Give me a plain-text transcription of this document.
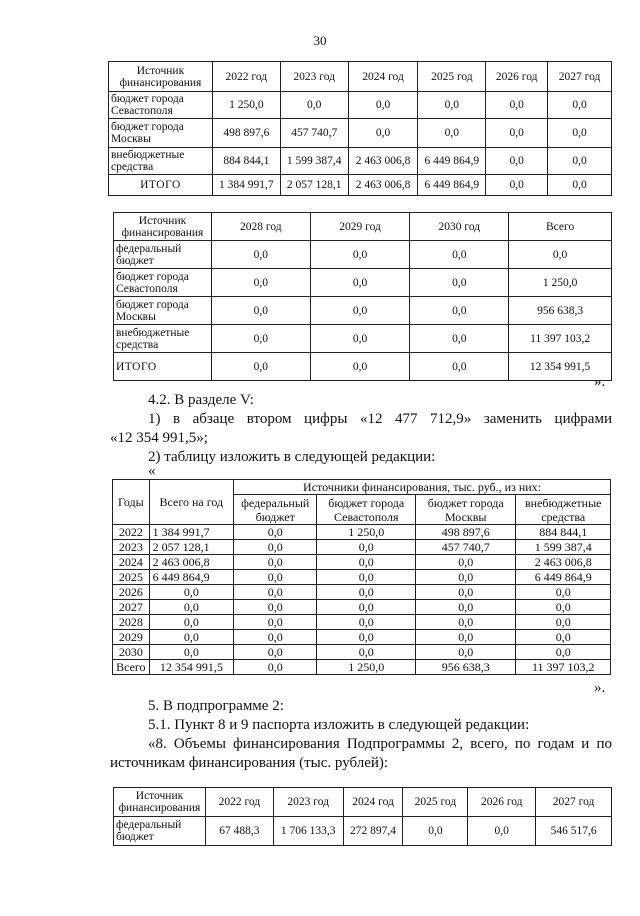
30
Источник финансирования	2022 год	2023 год	2024 год	2025 год	2026 год	2027 год
бюджет города Севастополя	1 250,0	0,0	0,0	0,0	0,0	0,0
бюджет города Москвы	498 897,6	457 740,7	0,0	0,0	0,0	0,0
внебюджетные средства	884 844,1	1 599 387,4	2 463 006,8	6 449 864,9	0,0	0,0
ИТОГО	1 384 991,7	2 057 128,1	2 463 006,8	6 449 864,9	0,0	0,0
Источник финансирования	2028 год	2029 год	2030 год	Всего
федеральный бюджет	0,0	0,0	0,0	0,0
бюджет города Севастополя	0,0	0,0	0,0	1 250,0
бюджет города Москвы	0,0	0,0	0,0	956 638,3
внебюджетные средства	0,0	0,0	0,0	11 397 103,2
ИТОГО	0,0	0,0	0,0	12 354 991,5
».
4.2. В разделе V:
1) в абзаце втором цифры «12 477 712,9» заменить цифрами
«12 354 991,5»;
2) таблицу изложить в следующей редакции:
«
Годы	Всего на год	Источники финансирования, тыс. руб., из них:			
		федеральный бюджет	бюджет города Севастополя	бюджет города Москвы	внебюджетные средства
2022	1 384 991,7	0,0	1 250,0	498 897,6	884 844,1
2023	2 057 128,1	0,0	0,0	457 740,7	1 599 387,4
2024	2 463 006,8	0,0	0,0	0,0	2 463 006,8
2025	6 449 864,9	0,0	0,0	0,0	6 449 864,9
2026	0,0	0,0	0,0	0,0	0,0
2027	0,0	0,0	0,0	0,0	0,0
2028	0,0	0,0	0,0	0,0	0,0
2029	0,0	0,0	0,0	0,0	0,0
2030	0,0	0,0	0,0	0,0	0,0
Всего	12 354 991,5	0,0	1 250,0	956 638,3	11 397 103,2
».
5. В подпрограмме 2:
5.1. Пункт 8 и 9 паспорта изложить в следующей редакции:
«8. Объемы финансирования Подпрограммы 2, всего, по годам и по
источникам финансирования (тыс. рублей):
Источник финансирования	2022 год	2023 год	2024 год	2025 год	2026 год	2027 год
федеральный бюджет	67 488,3	1 706 133,3	272 897,4	0,0	0,0	546 517,6
